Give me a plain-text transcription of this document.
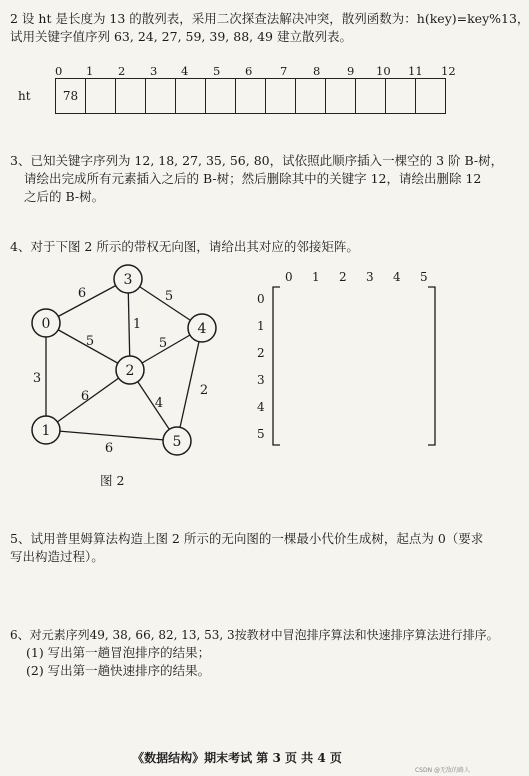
2 设 ht 是长度为 13 的散列表，采用二次探查法解决冲突，散列函数为：h(key)=key%13，
试用关键字值序列 63, 24, 27, 59, 39, 88, 49 建立散列表。
0 1 2 3 4 5 6 7 8 9 10 11 12
ht	78												
3、已知关键字序列为 12, 18, 27, 35, 56, 80，试依照此顺序插入一棵空的 3 阶 B-树，
请绘出完成所有元素插入之后的 B-树；然后删除其中的关键字 12，请绘出删除 12
之后的 B-树。
4、对于下图 2 所示的带权无向图，请给出其对应的邻接矩阵。
6	5
1
5	5
3
6	4
2
6
0
1
2
3
4
5
图 2
0 1 2 3 4 5
0
1
2
3
4
5
5、试用普里姆算法构造上图 2 所示的无向图的一棵最小代价生成树，起点为 0（要求
写出构造过程）。
6、对元素序列49, 38, 66, 82, 13, 53, 3按教材中冒泡排序算法和快速排序算法进行排序。
(1) 写出第一趟冒泡排序的结果；
(2) 写出第一趟快速排序的结果。
《数据结构》期末考试 第 3 页 共 4 页
CSDN @无敌的路人
